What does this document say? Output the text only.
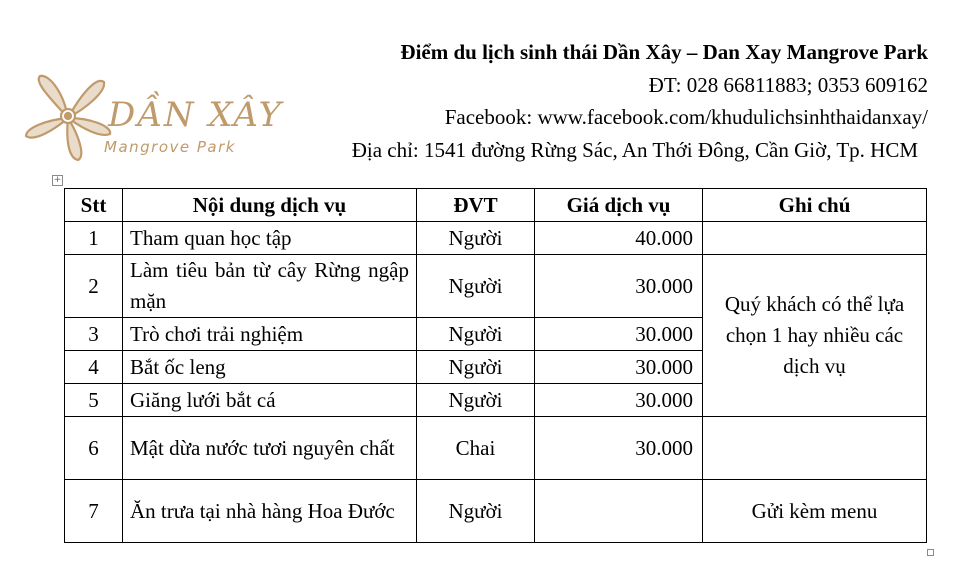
Điểm du lịch sinh thái Dần Xây – Dan Xay Mangrove Park
ĐT: 028 66811883; 0353 609162
Facebook: www.facebook.com/khudulichsinhthaidanxay/
Địa chỉ: 1541 đường Rừng Sác, An Thới Đông, Cần Giờ, Tp. HCM
DẦN XÂY
Mangrove Park
+
Stt	Nội dung dịch vụ	ĐVT	Giá dịch vụ	Ghi chú
1	Tham quan học tập	Người	40.000	
2	Làm tiêu bản từ cây Rừng ngập mặn	Người	30.000	Quý khách có thể lựa chọn 1 hay nhiều các dịch vụ
3	Trò chơi trải nghiệm	Người	30.000	
4	Bắt ốc leng	Người	30.000	
5	Giăng lưới bắt cá	Người	30.000	
6	Mật dừa nước tươi nguyên chất	Chai	30.000	
7	Ăn trưa tại nhà hàng Hoa Đước	Người		Gửi kèm menu
